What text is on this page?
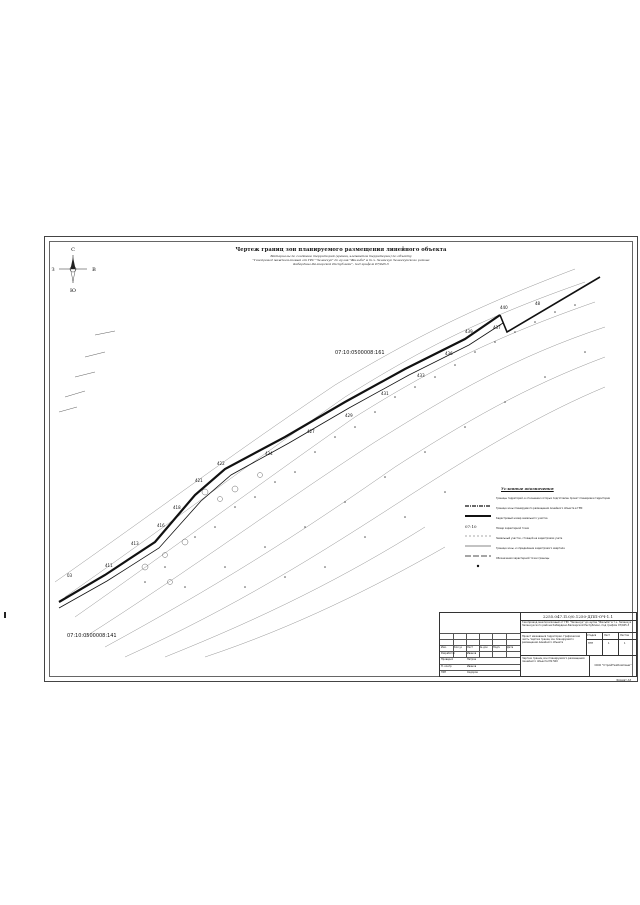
Чертеж границ зон планируемого размещения линейного объекта
Материалы по созданию территорий (границ элементов территории) по объекту
"Газопровод межпоселковый от ГРС "Зеленчук" до аулов "Жильба" в т.ч. Зеленчук Зеленчукского района
Кабардино-Балкарской Республики", под грифом 07/045.3
С
Ю
З	В
439
440
48
433
431
429
427
424
422
421
418
416
413
411
03
436
437
07:10:0500008:161
07:10:0500008:141
Условные обозначения
Границы территорий, в отношении которых подготовлен проект планировки территории
Граница зоны планируемого размещения линейного объекта в ГЗМ
07:10
Кадастровый номер земельного участка
Номер характерной точки
Земельный участок, стоящий на кадастровом учете
Граница зоны, и определение кадастрового квартала
Обозначения характерной точки границы
Изм.	Кол.уч Лист	№ док Подп.	Дата
Разработал	Иванов
Проверил	Петров
Н. контр.	Иванов
ГИП	Сидоров
2255.047.П.0/0.1250-ДПП-ОЧ-1.1
Газопровод межпоселковый от ГРС "Зеленчук" до аулов "Жильба" в т.ч. Зеленчук Зеленчукского района Кабардино-Балкарской Республики, под грифом 07/045.3
Проект межевания территории. Графическая часть. Чертеж границ зон планируемого размещения линейного объекта
Стадия	Лист	Листов
ППТ	1	1
Чертеж границ зон планируемого размещения линейного объекта М1:500
ООО "СтройТехКомпани"
Формат А3
